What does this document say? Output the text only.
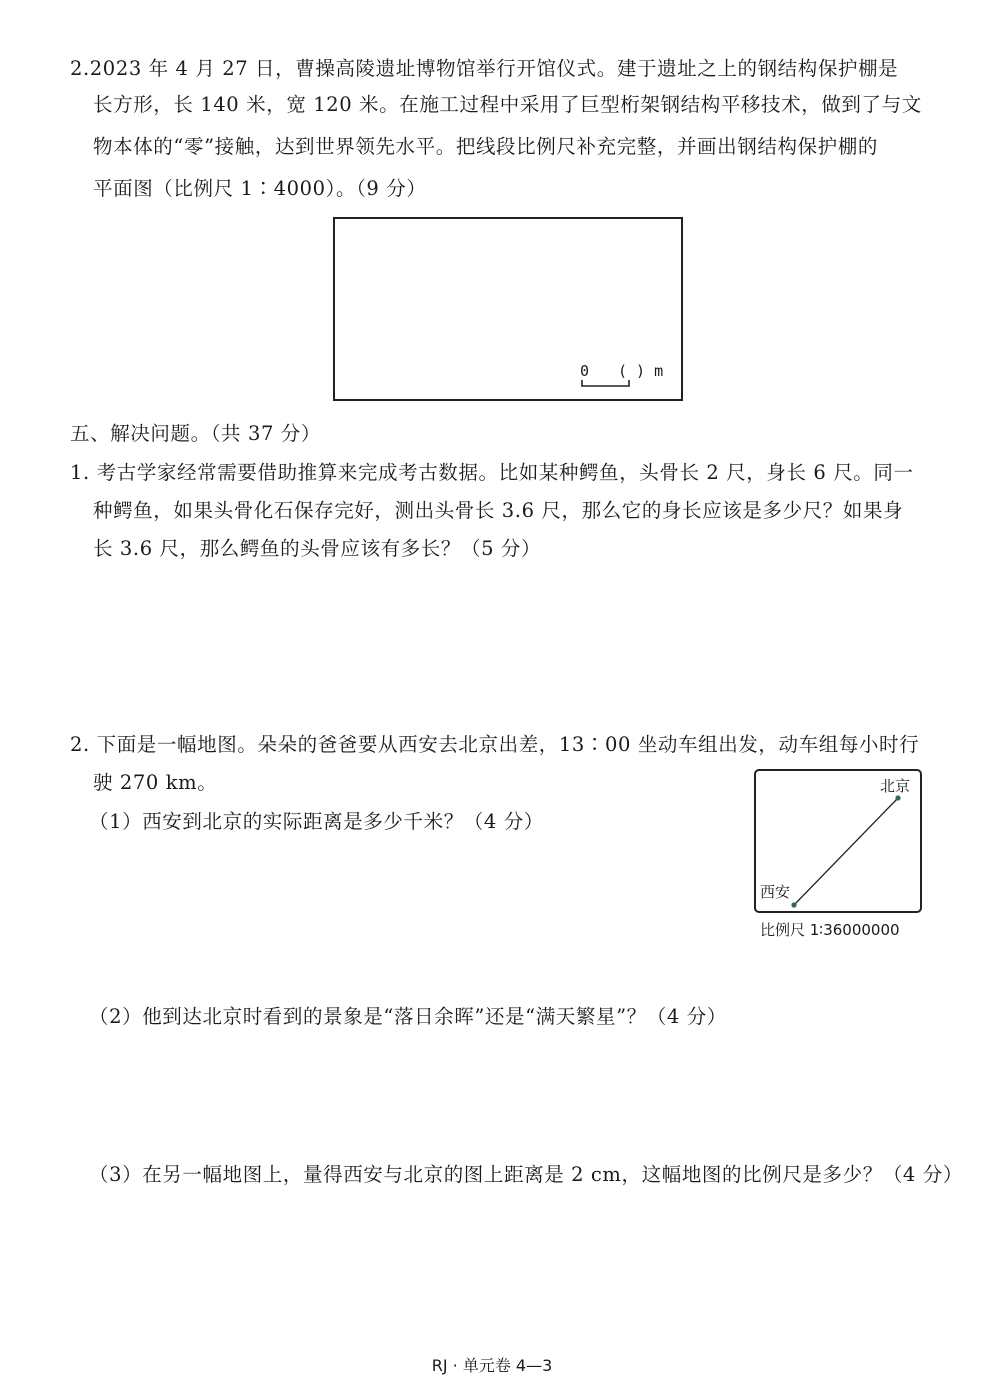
2.2023 年 4 月 27 日，曹操高陵遗址博物馆举行开馆仪式。建于遗址之上的钢结构保护棚是
长方形，长 140 米，宽 120 米。在施工过程中采用了巨型桁架钢结构平移技术，做到了与文
物本体的“零”接触，达到世界领先水平。把线段比例尺补充完整，并画出钢结构保护棚的
平面图（比例尺 1∶4000）。（9 分）
0 ( ) m
五、解决问题。（共 37 分）
1. 考古学家经常需要借助推算来完成考古数据。比如某种鳄鱼，头骨长 2 尺，身长 6 尺。同一
种鳄鱼，如果头骨化石保存完好，测出头骨长 3.6 尺，那么它的身长应该是多少尺？如果身
长 3.6 尺，那么鳄鱼的头骨应该有多长？（5 分）
2. 下面是一幅地图。朵朵的爸爸要从西安去北京出差，13∶00 坐动车组出发，动车组每小时行
驶 270 km。
（1）西安到北京的实际距离是多少千米？（4 分）
北京
西安
比例尺 1∶36000000
（2）他到达北京时看到的景象是“落日余晖”还是“满天繁星”？（4 分）
（3）在另一幅地图上，量得西安与北京的图上距离是 2 cm，这幅地图的比例尺是多少？（4 分）
RJ · 单元卷 4—3
